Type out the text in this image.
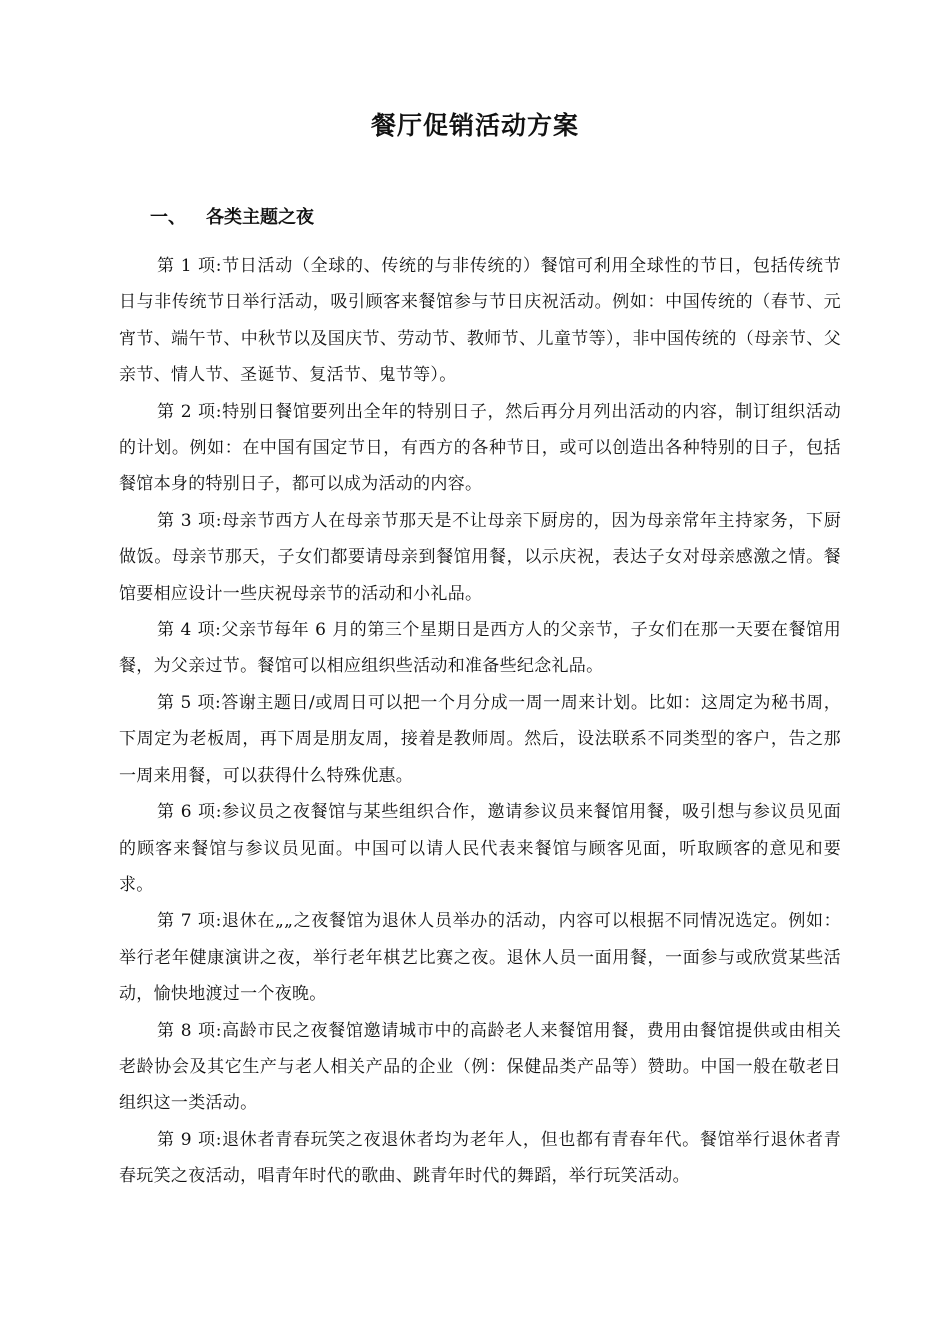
餐厅促销活动方案
一、 各类主题之夜

第 1 项:节日活动（全球的、传统的与非传统的）餐馆可利用全球性的节日，包括传统节日与非传统节日举行活动，吸引顾客来餐馆参与节日庆祝活动。例如：中国传统的（春节、元宵节、端午节、中秋节以及国庆节、劳动节、教师节、儿童节等），非中国传统的（母亲节、父亲节、情人节、圣诞节、复活节、鬼节等）。

第 2 项:特别日餐馆要列出全年的特别日子，然后再分月列出活动的内容，制订组织活动的计划。例如：在中国有国定节日，有西方的各种节日，或可以创造出各种特别的日子，包括餐馆本身的特别日子，都可以成为活动的内容。

第 3 项:母亲节西方人在母亲节那天是不让母亲下厨房的，因为母亲常年主持家务，下厨做饭。母亲节那天，子女们都要请母亲到餐馆用餐，以示庆祝，表达子女对母亲感激之情。餐馆要相应设计一些庆祝母亲节的活动和小礼品。

第 4 项:父亲节每年 6 月的第三个星期日是西方人的父亲节，子女们在那一天要在餐馆用餐，为父亲过节。餐馆可以相应组织些活动和准备些纪念礼品。

第 5 项:答谢主题日/或周日可以把一个月分成一周一周来计划。比如：这周定为秘书周，下周定为老板周，再下周是朋友周，接着是教师周。然后，设法联系不同类型的客户，告之那一周来用餐，可以获得什么特殊优惠。

第 6 项:参议员之夜餐馆与某些组织合作，邀请参议员来餐馆用餐，吸引想与参议员见面的顾客来餐馆与参议员见面。中国可以请人民代表来餐馆与顾客见面，听取顾客的意见和要求。

第 7 项:退休在„„之夜餐馆为退休人员举办的活动，内容可以根据不同情况选定。例如：举行老年健康演讲之夜，举行老年棋艺比赛之夜。退休人员一面用餐，一面参与或欣赏某些活动，愉快地渡过一个夜晚。

第 8 项:高龄市民之夜餐馆邀请城市中的高龄老人来餐馆用餐，费用由餐馆提供或由相关老龄协会及其它生产与老人相关产品的企业（例：保健品类产品等）赞助。中国一般在敬老日组织这一类活动。

第 9 项:退休者青春玩笑之夜退休者均为老年人，但也都有青春年代。餐馆举行退休者青春玩笑之夜活动，唱青年时代的歌曲、跳青年时代的舞蹈，举行玩笑活动。
